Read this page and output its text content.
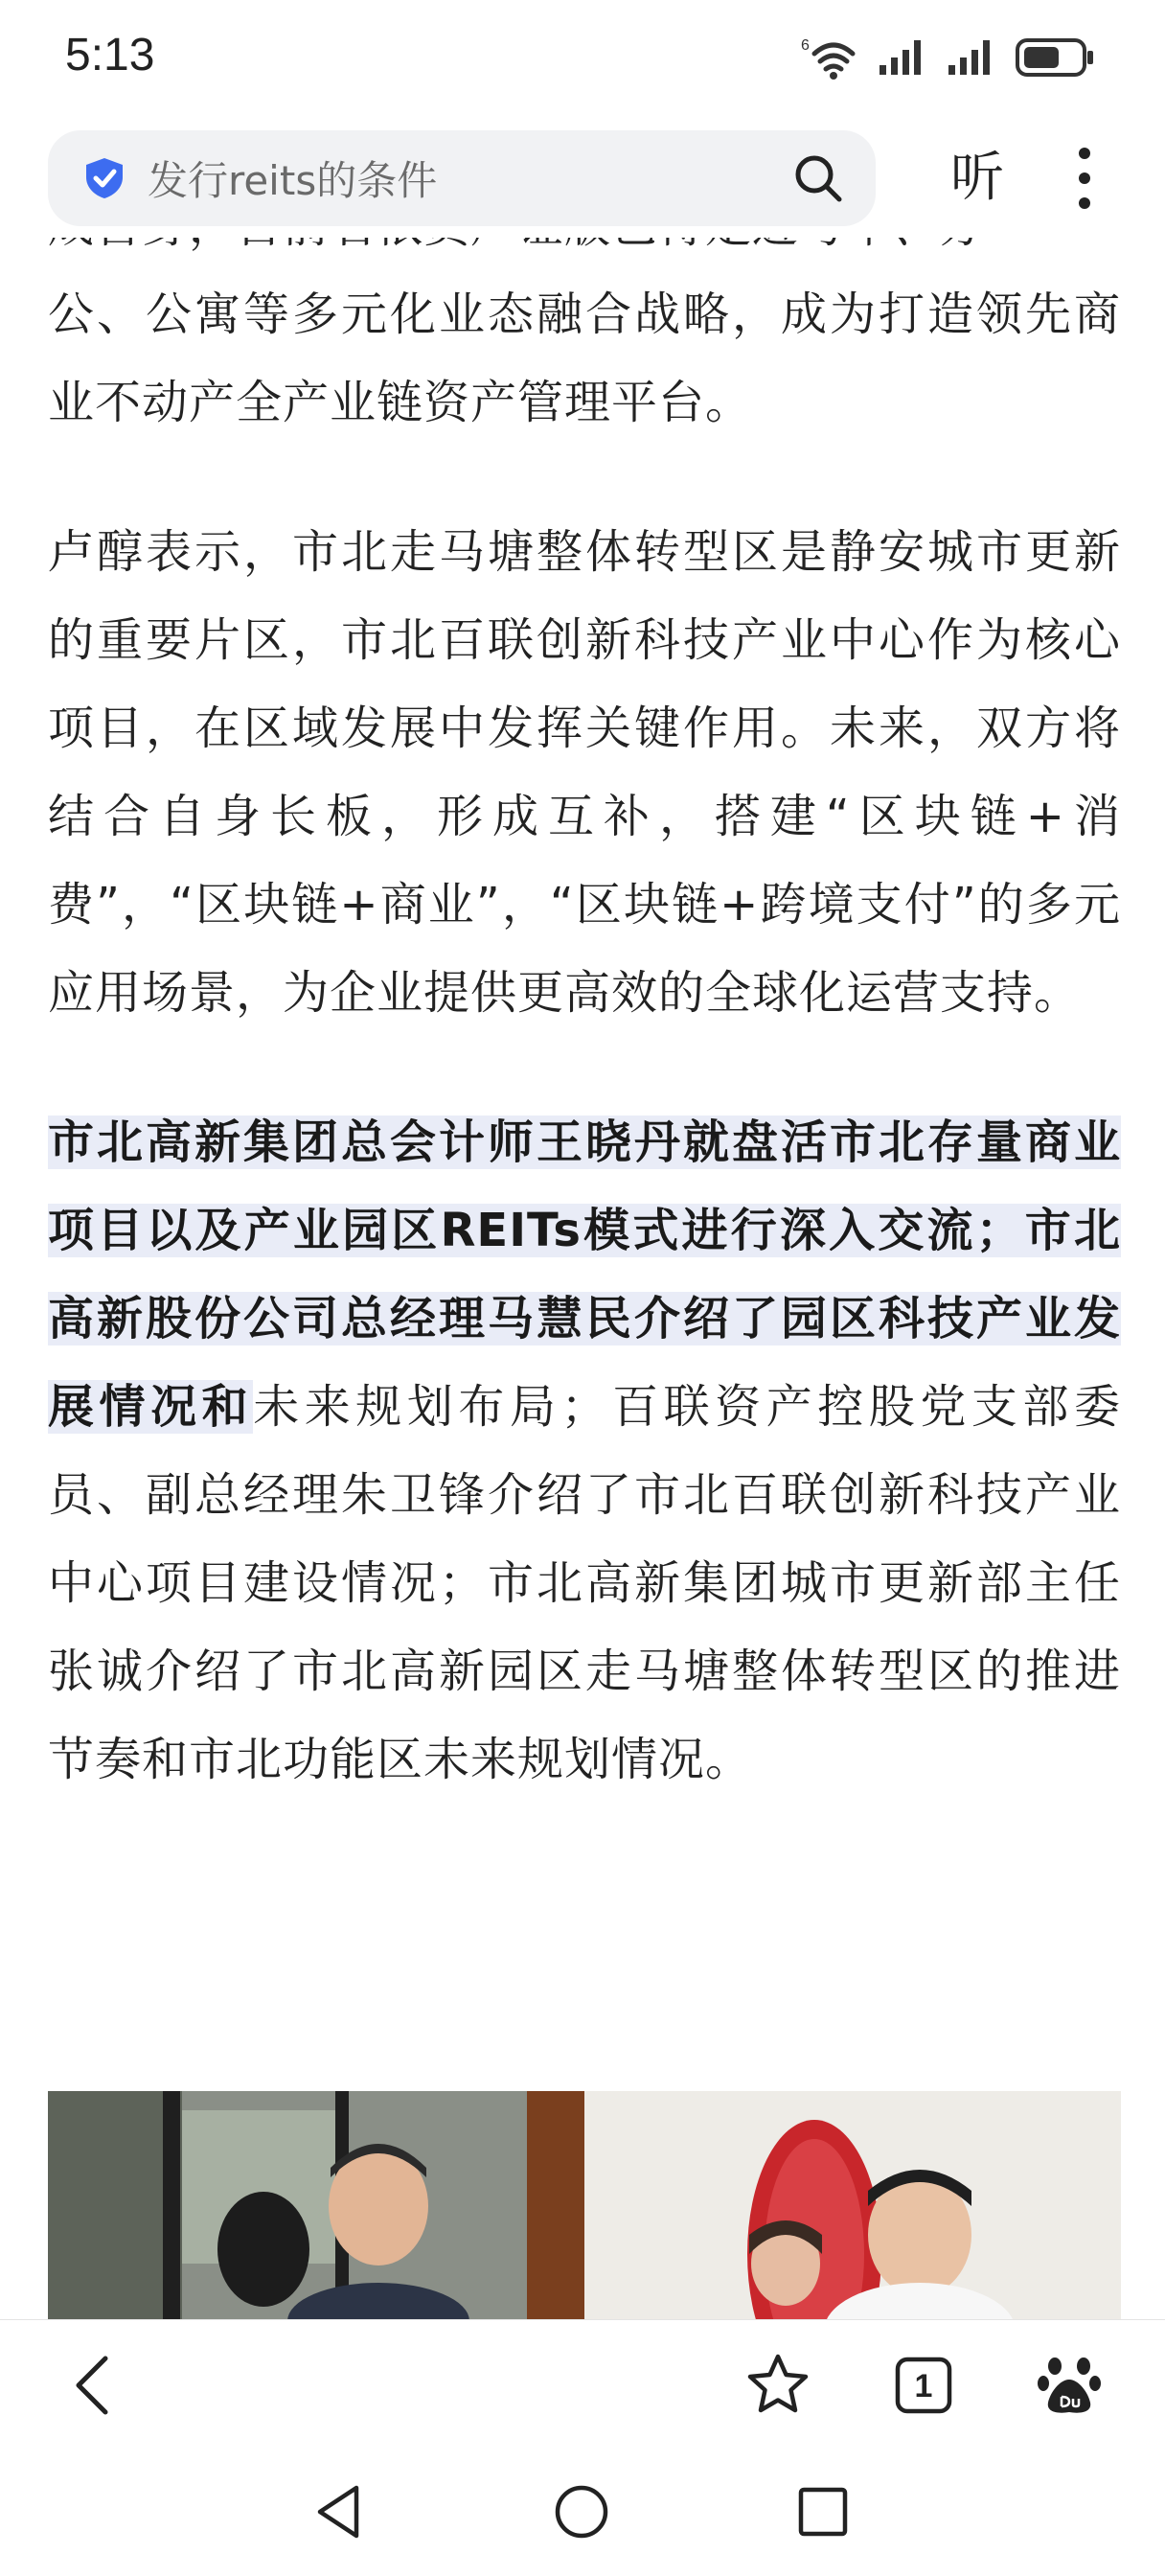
5:13	6
发行reits的条件	听

公、公寓等多元化业态融合战略，成为打造领先商业不动产全产业链资产管理平台。

卢醇表示，市北走马塘整体转型区是静安城市更新的重要片区，市北百联创新科技产业中心作为核心项目，在区域发展中发挥关键作用。未来，双方将结合自身长板，形成互补，搭建“区块链+消费”，“区块链+商业”，“区块链+跨境支付”的多元应用场景，为企业提供更高效的全球化运营支持。

市北高新集团总会计师王晓丹就盘活市北存量商业项目以及产业园区REITs模式进行深入交流；市北高新股份公司总经理马慧民介绍了园区科技产业发展情况和未来规划布局；百联资产控股党支部委员、副总经理朱卫锋介绍了市北百联创新科技产业中心项目建设情况；市北高新集团城市更新部主任张诚介绍了市北高新园区走马塘整体转型区的推进节奏和市北功能区未来规划情况。

1
